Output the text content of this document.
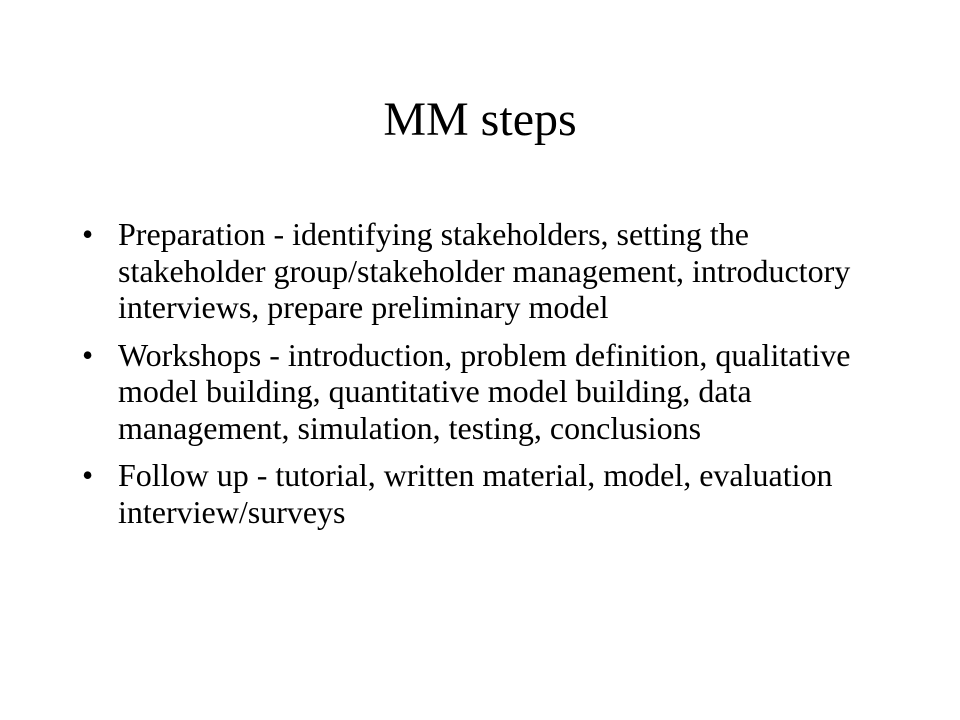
MM steps
• Preparation - identifying stakeholders, setting the stakeholder group/stakeholder management, introductory interviews, prepare preliminary model
• Workshops - introduction, problem definition, qualitative model building, quantitative model building, data management, simulation, testing, conclusions
• Follow up - tutorial, written material, model, evaluation interview/surveys
